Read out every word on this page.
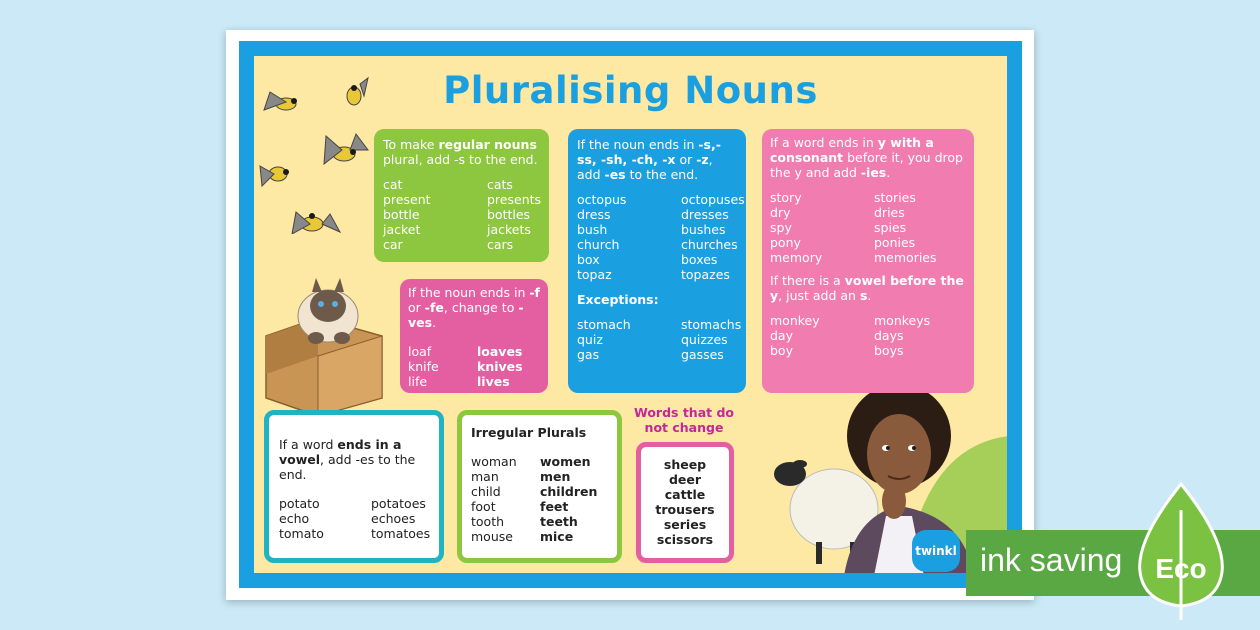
Pluralising Nouns

To make regular nouns plural, add -s to the end.

cat
present
bottle
jacket
car
cats
presents
bottles
jackets
cars

If the noun ends in -f or -fe, change to -ves.

loaf
knife
life
loaves
knives
lives

If the noun ends in -s,-ss, -sh, -ch, -x or -z, add -es to the end.

octopus
dress
bush
church
box
topaz
octopuses
dresses
bushes
churches
boxes
topazes
Exceptions:
stomach
quiz
gas
stomachs
quizzes
gasses

If a word ends in y with a consonant before it, you drop the y and add -ies.

story
dry
spy
pony
memory
stories
dries
spies
ponies
memories

If there is a vowel before the y, just add an s.

monkey
day
boy
monkeys
days
boys

If a word ends in a vowel, add -es to the end.

potato
echo
tomato
potatoes
echoes
tomatoes
Irregular Plurals
woman
man
child
foot
tooth
mouse
women
men
children
feet
teeth
mice
Words that do not change
sheep
deer
cattle
trousers
series
scissors
twinkl ink saving Eco
